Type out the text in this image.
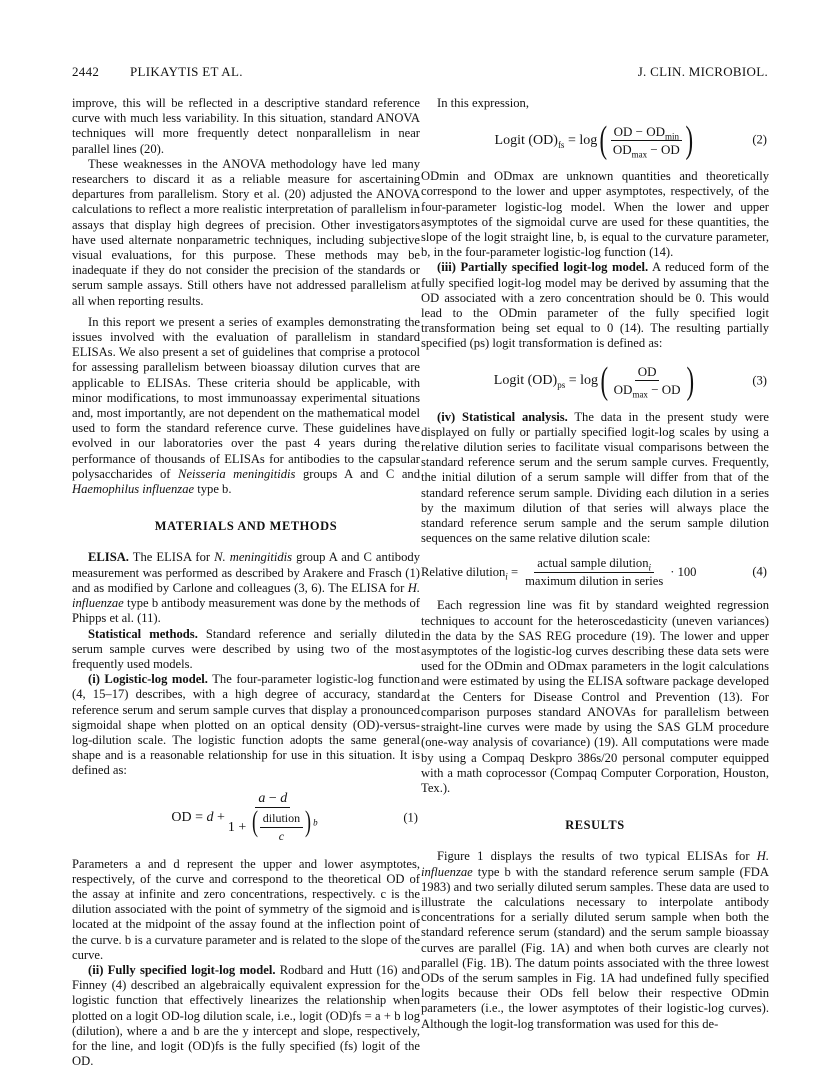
2442 PLIKAYTIS ET AL.	J. CLIN. MICROBIOL.

improve, this will be reflected in a descriptive standard reference curve with much less variability. In this situation, standard ANOVA techniques will more frequently detect nonparallelism in near parallel lines (20).

These weaknesses in the ANOVA methodology have led many researchers to discard it as a reliable measure for ascertaining departures from parallelism. Story et al. (20) adjusted the ANOVA calculations to reflect a more realistic interpretation of parallelism in assays that display high degrees of precision. Other investigators have used alternate nonparametric techniques, including subjective visual evaluations, for this purpose. These methods may be inadequate if they do not consider the precision of the standards or serum sample assays. Still others have not addressed parallelism at all when reporting results.

In this report we present a series of examples demonstrating the issues involved with the evaluation of parallelism in standard ELISAs. We also present a set of guidelines that comprise a protocol for assessing parallelism between bioassay dilution curves that are applicable to ELISAs. These criteria should be applicable, with minor modifications, to most immunoassay experimental situations and, most importantly, are not dependent on the mathematical model used to form the standard reference curve. These guidelines have evolved in our laboratories over the past 4 years during the performance of thousands of ELISAs for antibodies to the capsular polysaccharides of Neisseria meningitidis groups A and C and Haemophilus influenzae type b.

MATERIALS AND METHODS

ELISA. The ELISA for N. meningitidis group A and C antibody measurement was performed as described by Arakere and Frasch (1) and as modified by Carlone and colleagues (3, 6). The ELISA for H. influenzae type b antibody measurement was done by the methods of Phipps et al. (11).

Statistical methods. Standard reference and serially diluted serum sample curves were described by using two of the most frequently used models.

(i) Logistic-log model. The four-parameter logistic-log function (4, 15–17) describes, with a high degree of accuracy, standard reference serum and serum sample curves that display a pronounced sigmoidal shape when plotted on an optical density (OD)-versus-log-dilution scale. The logistic function adopts the same general shape and is a reasonable relationship for use in this situation. It is defined as:

OD = $d + \frac{a - d}{1 + ( \frac{\text{dilution}}{c} ) ^b}$	(1)

Parameters a and d represent the upper and lower asymptotes, respectively, of the curve and correspond to the theoretical OD of the assay at infinite and zero concentrations, respectively. c is the dilution associated with the point of symmetry of the sigmoid and is located at the midpoint of the assay found at the inflection point of the curve. b is a curvature parameter and is related to the slope of the curve.

(ii) Fully specified logit-log model. Rodbard and Hutt (16) and Finney (4) described an algebraically equivalent expression for the logistic function that effectively linearizes the relationship when plotted on a logit OD-log dilution scale, i.e., logit (OD)fs = a + b log (dilution), where a and b are the y intercept and slope, respectively, for the line, and logit (OD)fs is the fully specified (fs) logit of the OD.

In this expression,

Logit $(OD)_{fs} = \log$ ( $\frac{OD - OD_{min}}{OD_{max} - OD}$ )	(2)

ODmin and ODmax are unknown quantities and theoretically correspond to the lower and upper asymptotes, respectively, of the four-parameter logistic-log model. When the lower and upper asymptotes of the sigmoidal curve are used for these quantities, the slope of the logit straight line, b, is equal to the curvature parameter, b, in the four-parameter logistic-log function (14).

(iii) Partially specified logit-log model. A reduced form of the fully specified logit-log model may be derived by assuming that the OD associated with a zero concentration should be 0. This would lead to the ODmin parameter of the fully specified logit transformation being set equal to 0 (14). The resulting partially specified (ps) logit transformation is defined as:

Logit $(OD)_{ps} = \log$ ( $\frac{OD}{OD_{max} - OD}$ )	(3)

(iv) Statistical analysis. The data in the present study were displayed on fully or partially specified logit-log scales by using a relative dilution series to facilitate visual comparisons between the standard reference serum and the serum sample curves. Frequently, the initial dilution of a serum sample will differ from that of the standard reference serum sample. Dividing each dilution in a series by the maximum dilution of that series will always place the standard reference serum sample and the serum sample dilution sequences on the same relative dilution scale:

Relative dilution$_i$ = $\frac{actual sample dilution_i}{\text{maximum dilution in series}} \cdot 100$	(4)

Each regression line was fit by standard weighted regression techniques to account for the heteroscedasticity (uneven variances) in the data by the SAS REG procedure (19). The lower and upper asymptotes of the logistic-log curves describing these data sets were used for the ODmin and ODmax parameters in the logit calculations and were estimated by using the ELISA software package developed at the Centers for Disease Control and Prevention (13). For comparison purposes standard ANOVAs for parallelism between straight-line curves were made by using the SAS GLM procedure (one-way analysis of covariance) (19). All computations were made by using a Compaq Deskpro 386s/20 personal computer equipped with a math coprocessor (Compaq Computer Corporation, Houston, Tex.).

RESULTS

Figure 1 displays the results of two typical ELISAs for H. influenzae type b with the standard reference serum sample (FDA 1983) and two serially diluted serum samples. These data are used to illustrate the calculations necessary to interpolate antibody concentrations for a serially diluted serum sample when both the standard reference serum (standard) and the serum sample bioassay curves are parallel (Fig. 1A) and when both curves are clearly not parallel (Fig. 1B). The datum points associated with the three lowest ODs of the serum samples in Fig. 1A had undefined fully specified logits because their ODs fell below their respective ODmin parameters (i.e., the lower asymptotes of their logistic-log curves). Although the logit-log transformation was used for this de-
